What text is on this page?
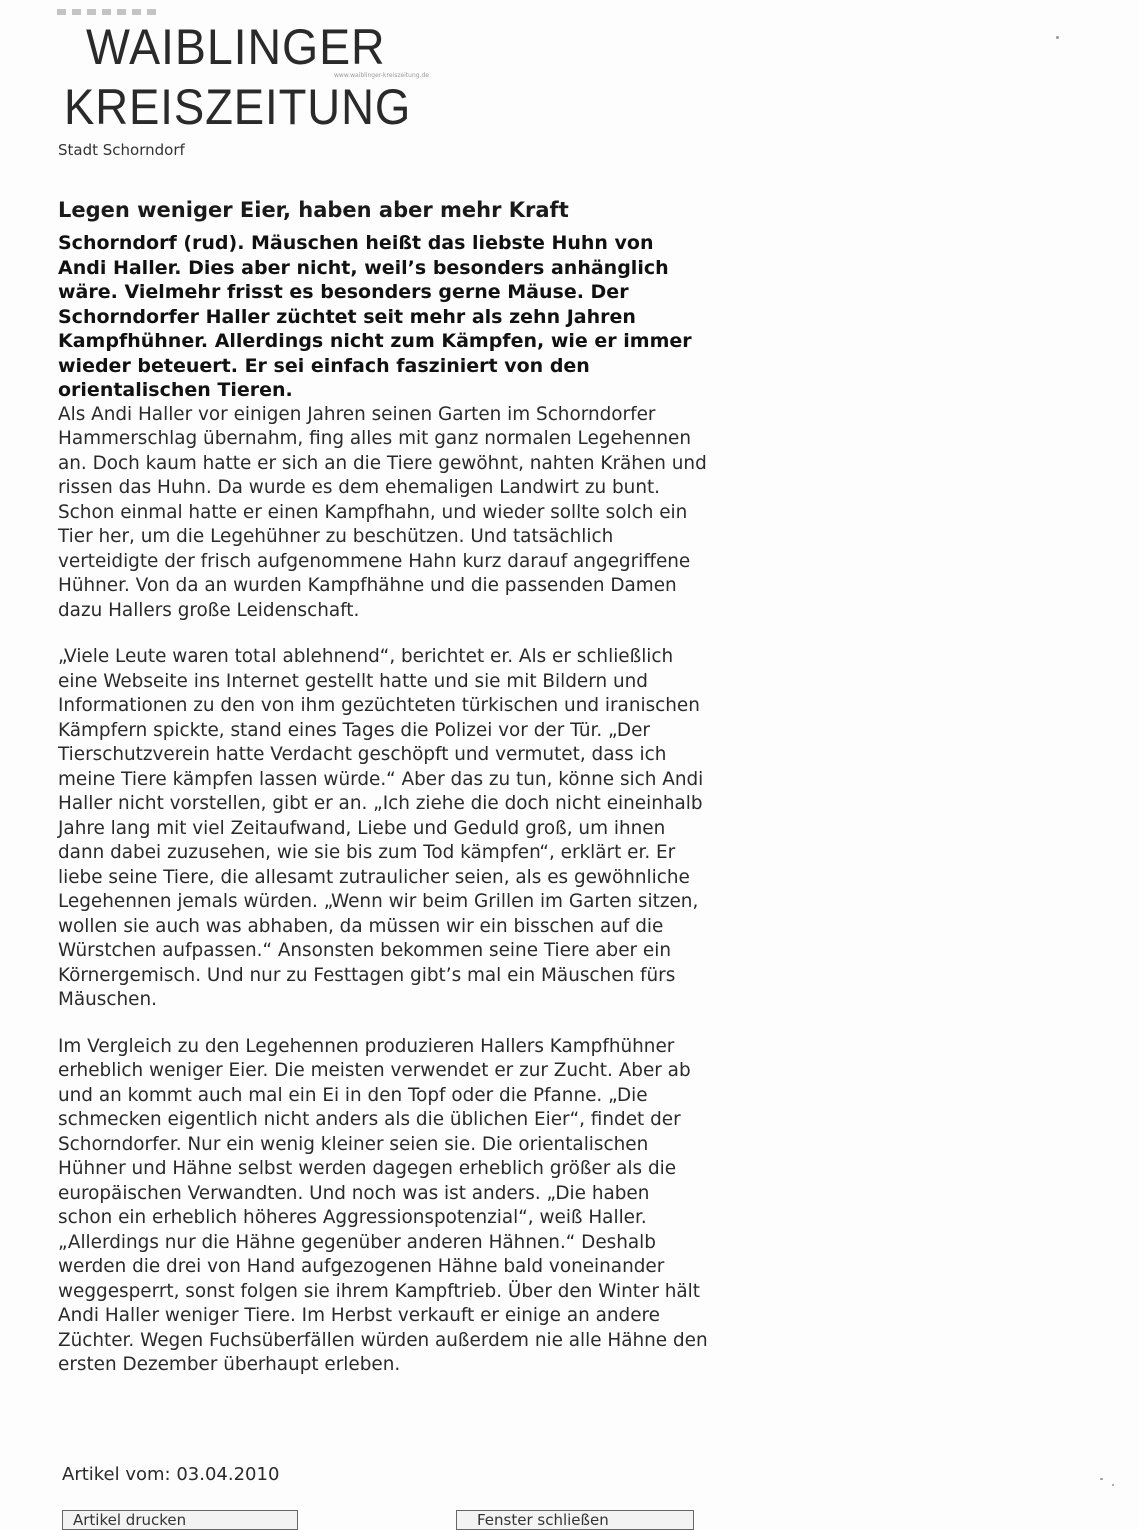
WAIBLINGER
www.waiblinger-kreiszeitung.de
KREISZEITUNG
Stadt Schorndorf
Legen weniger Eier, haben aber mehr Kraft

Schorndorf (rud). Mäuschen heißt das liebste Huhn von Andi Haller. Dies aber nicht, weil’s besonders anhänglich wäre. Vielmehr frisst es besonders gerne Mäuse. Der Schorndorfer Haller züchtet seit mehr als zehn Jahren Kampfhühner. Allerdings nicht zum Kämpfen, wie er immer wieder beteuert. Er sei einfach fasziniert von den orientalischen Tieren.

Als Andi Haller vor einigen Jahren seinen Garten im Schorndorfer Hammerschlag übernahm, fing alles mit ganz normalen Legehennen an. Doch kaum hatte er sich an die Tiere gewöhnt, nahten Krähen und rissen das Huhn. Da wurde es dem ehemaligen Landwirt zu bunt. Schon einmal hatte er einen Kampfhahn, und wieder sollte solch ein Tier her, um die Legehühner zu beschützen. Und tatsächlich verteidigte der frisch aufgenommene Hahn kurz darauf angegriffene Hühner. Von da an wurden Kampfhähne und die passenden Damen dazu Hallers große Leidenschaft.

„Viele Leute waren total ablehnend“, berichtet er. Als er schließlich eine Webseite ins Internet gestellt hatte und sie mit Bildern und Informationen zu den von ihm gezüchteten türkischen und iranischen Kämpfern spickte, stand eines Tages die Polizei vor der Tür. „Der Tierschutzverein hatte Verdacht geschöpft und vermutet, dass ich meine Tiere kämpfen lassen würde.“ Aber das zu tun, könne sich Andi Haller nicht vorstellen, gibt er an. „Ich ziehe die doch nicht eineinhalb Jahre lang mit viel Zeitaufwand, Liebe und Geduld groß, um ihnen dann dabei zuzusehen, wie sie bis zum Tod kämpfen“, erklärt er. Er liebe seine Tiere, die allesamt zutraulicher seien, als es gewöhnliche Legehennen jemals würden. „Wenn wir beim Grillen im Garten sitzen, wollen sie auch was abhaben, da müssen wir ein bisschen auf die Würstchen aufpassen.“ Ansonsten bekommen seine Tiere aber ein Körnergemisch. Und nur zu Festtagen gibt’s mal ein Mäuschen fürs Mäuschen.

Im Vergleich zu den Legehennen produzieren Hallers Kampfhühner erheblich weniger Eier. Die meisten verwendet er zur Zucht. Aber ab und an kommt auch mal ein Ei in den Topf oder die Pfanne. „Die schmecken eigentlich nicht anders als die üblichen Eier“, findet der Schorndorfer. Nur ein wenig kleiner seien sie. Die orientalischen Hühner und Hähne selbst werden dagegen erheblich größer als die europäischen Verwandten. Und noch was ist anders. „Die haben schon ein erheblich höheres Aggressionspotenzial“, weiß Haller. „Allerdings nur die Hähne gegenüber anderen Hähnen.“ Deshalb werden die drei von Hand aufgezogenen Hähne bald voneinander weggesperrt, sonst folgen sie ihrem Kampftrieb. Über den Winter hält Andi Haller weniger Tiere. Im Herbst verkauft er einige an andere Züchter. Wegen Fuchsüberfällen würden außerdem nie alle Hähne den ersten Dezember überhaupt erleben.

Artikel vom: 03.04.2010
Artikel drucken	Fenster schließen
